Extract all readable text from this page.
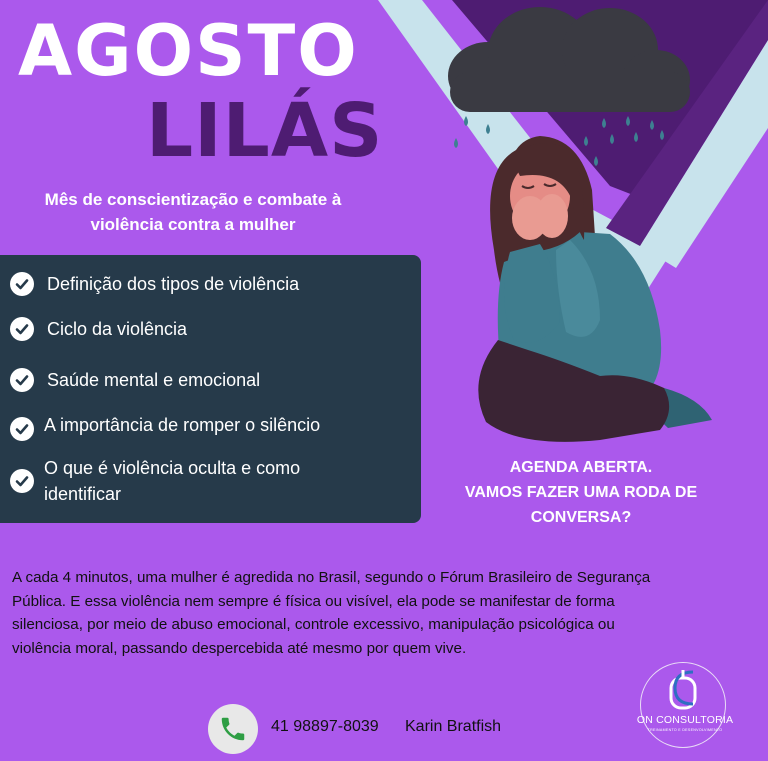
AGOSTO
LILÁS
Mês de conscientização e combate à violência contra a mulher
Definição dos tipos de violência
Ciclo da violência
Saúde mental e emocional
A importância de romper o silêncio
O que é violência oculta e como identificar
AGENDA ABERTA.
VAMOS FAZER UMA RODA DE
CONVERSA?
A cada 4 minutos, uma mulher é agredida no Brasil, segundo o Fórum Brasileiro de Segurança Pública. E essa violência nem sempre é física ou visível, ela pode se manifestar de forma silenciosa, por meio de abuso emocional, controle excessivo, manipulação psicológica ou violência moral, passando despercebida até mesmo por quem vive.
41 98897-8039 Karin Bratfish	ON CONSULTORIA
TREINAMENTO E DESENVOLVIMENTO
